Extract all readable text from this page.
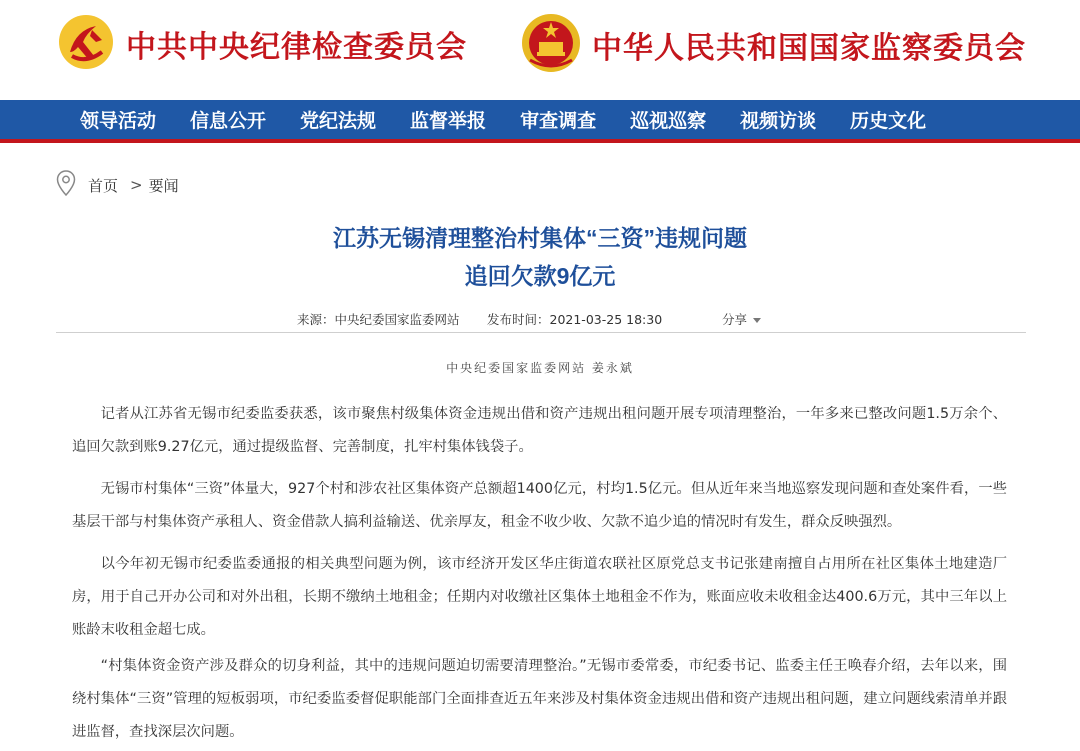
中共中央纪律检查委员会	中华人民共和国国家监察委员会
领导活动 信息公开 党纪法规 监督举报 审查调查 巡视巡察 视频访谈 历史文化
首页 > 要闻
江苏无锡清理整治村集体“三资”违规问题
追回欠款9亿元
来源：中央纪委国家监委网站 发布时间：2021-03-25 18:30	分享
中央纪委国家监委网站 姜永斌

记者从江苏省无锡市纪委监委获悉，该市聚焦村级集体资金违规出借和资产违规出租问题开展专项清理整治，一年多来已整改问题1.5万余个、追回欠款到账9.27亿元，通过提级监督、完善制度，扎牢村集体钱袋子。

无锡市村集体“三资”体量大，927个村和涉农社区集体资产总额超1400亿元，村均1.5亿元。但从近年来当地巡察发现问题和查处案件看，一些基层干部与村集体资产承租人、资金借款人搞利益输送、优亲厚友，租金不收少收、欠款不追少追的情况时有发生，群众反映强烈。

以今年初无锡市纪委监委通报的相关典型问题为例，该市经济开发区华庄街道农联社区原党总支书记张建南擅自占用所在社区集体土地建造厂房，用于自己开办公司和对外出租，长期不缴纳土地租金；任期内对收缴社区集体土地租金不作为，账面应收未收租金达400.6万元，其中三年以上账龄末收租金超七成。

“村集体资金资产涉及群众的切身利益，其中的违规问题迫切需要清理整治。”无锡市委常委，市纪委书记、监委主任王唤春介绍，去年以来，围绕村集体“三资”管理的短板弱项，市纪委监委督促职能部门全面排查近五年来涉及村集体资金违规出借和资产违规出租问题，建立问题线索清单并跟进监督，查找深层次问题。
